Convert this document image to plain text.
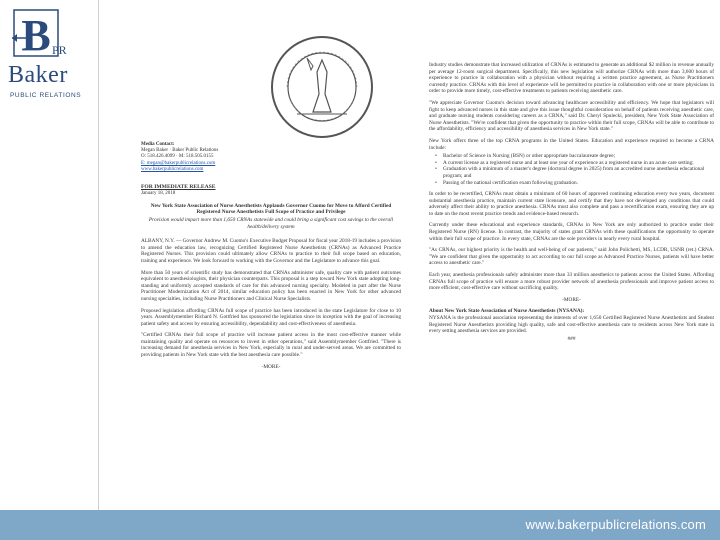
B PR
Baker
PUBLIC RELATIONS
Media Contact:
Megan Baker · Baker Public Relations
O: 518.426.4099 · M: 518.505.0155
E: megan@bakerpublicrelations.com
www.bakerpublicrelations.com
FOR IMMEDIATE RELEASE
January 18, 2018
New York State Association of Nurse Anesthetists Applauds Governor Cuomo for Move to Afford Certified Registered Nurse Anesthetists Full Scope of Practice and Privilege
Provision would impact more than 1,650 CRNAs statewide and could bring a significant cost savings to the overall health/delivery system
ALBANY, N.Y. — Governor Andrew M. Cuomo's Executive Budget Proposal for fiscal year 2018-19 includes a provision to amend the education law, recognizing Certified Registered Nurse Anesthetists (CRNAs) as Advanced Practice Registered Nurses. This provision could ultimately allow CRNAs to practice to their full scope based on education, training and experience. We look forward to working with the Governor and the Legislature to advance this goal.
More than 50 years of scientific study has demonstrated that CRNAs administer safe, quality care with patient outcomes equivalent to anesthesiologists, their physician counterparts. This proposal is a step toward New York state adopting long-standing and uniformly accepted standards of care for this advanced nursing specialty. Modeled in part after the Nurse Practitioner Modernization Act of 2014, similar education policy has been enacted in New York for other advanced nursing specialties, including Nurse Practitioners and Clinical Nurse Specialists.
Proposed legislation affording CRNAs full scope of practice has been introduced in the state Legislature for close to 10 years. Assemblymember Richard N. Gottfried has sponsored the legislation since its inception with the goal of increasing patient safety and access by ensuring accessibility, dependability and cost-effectiveness of anesthesia.
"Certified CRNAs their full scope of practice will increase patient access in the most cost-effective manner while maintaining quality and operate on resources to invest in other operations," said Assemblymember Gottfried. "There is increasing demand for anesthesia services in New York, especially in rural and under-served areas. We are committed to providing patients in New York state with the best anesthesia care possible."
-MORE-
Industry studies demonstrate that increased utilization of CRNAs is estimated to generate an additional $2 million in revenue annually per average 12-room surgical department. Specifically, this new legislation will authorize CRNAs with more than 3,600 hours of experience to practice in collaboration with a physician without requiring a written practice agreement, as Nurse Practitioners currently practice. CRNAs with this level of experience will be permitted to practice in collaboration with one or more physicians in order to provide more timely, cost-effective treatments to patients receiving anesthetic care.
"We appreciate Governor Cuomo's decision toward advancing healthcare accessibility and efficiency. We hope that legislators will fight to keep advanced nurses in this state and give this issue thoughtful consideration on behalf of patients receiving anesthetic care, and graduate nursing students considering careers as a CRNA," said Dr. Cheryl Spulecki, president, New York State Association of Nurse Anesthetists. "We're confident that given the opportunity to practice within their full scope, CRNAs will be able to contribute to the affordability, efficiency and accessibility of anesthesia services in New York state."
New York offers three of the top CRNA programs in the United States. Education and experience required to become a CRNA include:
• Bachelor of Science in Nursing (BSN) or other appropriate baccalaureate degree;
• A current license as a registered nurse and at least one year of experience as a registered nurse in an acute care setting;
• Graduation with a minimum of a master's degree (doctoral degree in 2025) from an accredited nurse anesthesia educational program; and
• Passing of the national certification exam following graduation.
In order to be recertified, CRNAs must obtain a minimum of 60 hours of approved continuing education every two years, document substantial anesthesia practice, maintain current state licensure, and certify that they have not developed any conditions that could adversely affect their ability to practice anesthesia. CRNAs must also complete and pass a recertification exam, ensuring they are up to date on the most recent practice trends and evidence-based research.
Currently under these educational and experience standards, CRNAs in New York are only authorized to practice under their Registered Nurse (RN) license. In contrast, the majority of states grant CRNAs with these qualifications the opportunity to operate within their full scope of practice. In every state, CRNAs are the sole providers in nearly every rural hospital.
"As CRNAs, our highest priority is the health and well-being of our patients," said John Polichetti, MS, LCDR, USNR (ret.) CRNA. "We are confident that given the opportunity to act according to our full scope as Advanced Practice Nurses, patients will have better access to anesthetic care."
Each year, anesthesia professionals safely administer more than 33 million anesthetics to patients across the United States. Affording CRNAs full scope of practice will ensure a more robust provider network of anesthesia professionals and improve patient access to more efficient, cost-effective care without sacrificing quality.
-MORE-
About New York State Association of Nurse Anesthetists (NYSANA):
NYSANA is the professional association representing the interests of over 1,650 Certified Registered Nurse Anesthetists and Student Registered Nurse Anesthetists providing high quality, safe and cost-effective anesthesia care to residents across New York state in every setting anesthesia services are provided.
###
www.bakerpublicrelations.com
